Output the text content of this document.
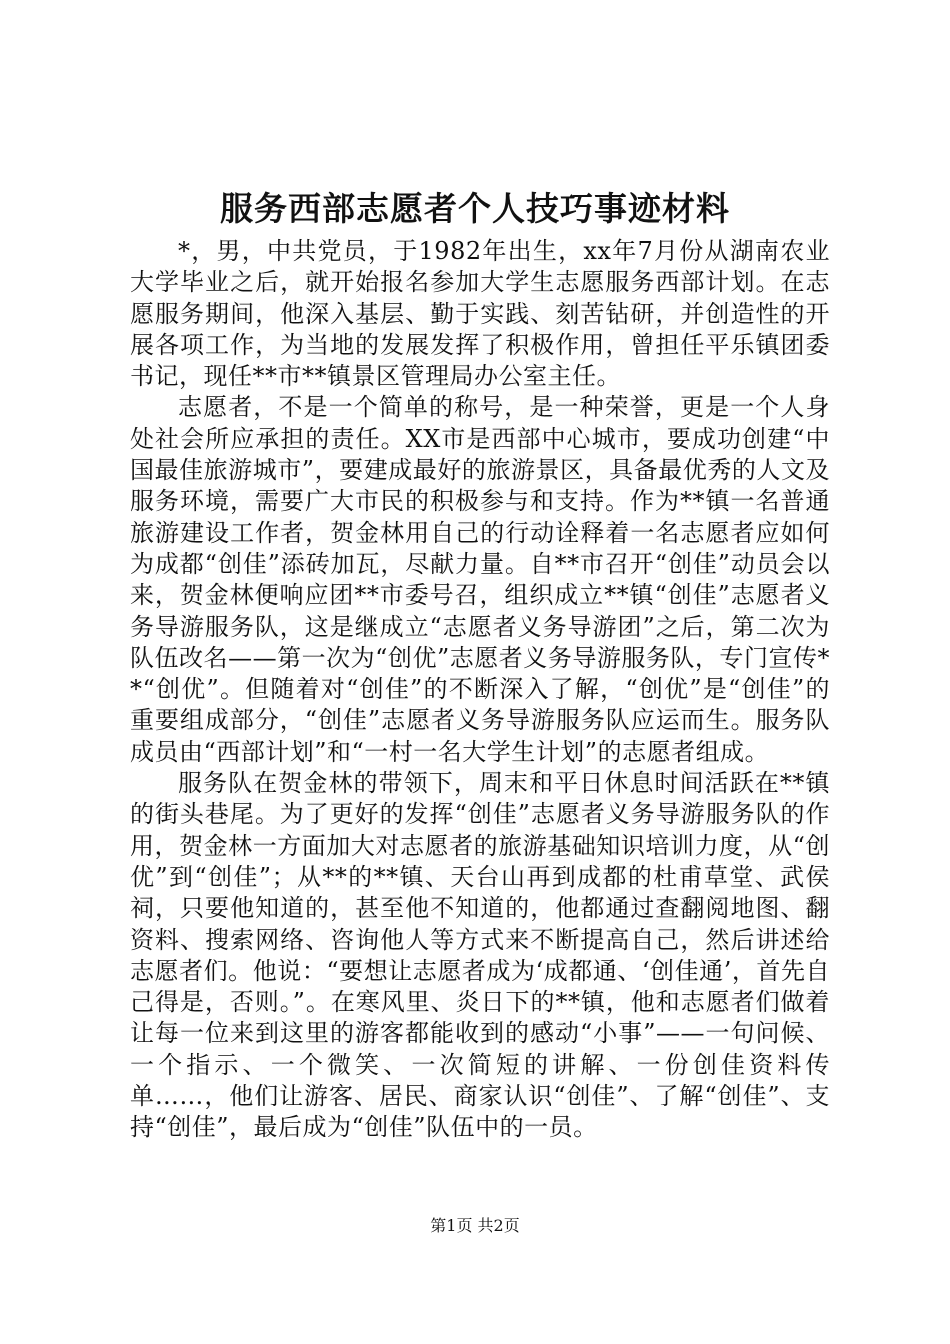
服务西部志愿者个人技巧事迹材料

*，男，中共党员，于1982年出生，xx年7月份从湖南农业大学毕业之后，就开始报名参加大学生志愿服务西部计划。在志愿服务期间，他深入基层、勤于实践、刻苦钻研，并创造性的开展各项工作，为当地的发展发挥了积极作用，曾担任平乐镇团委书记，现任**市**镇景区管理局办公室主任。

志愿者，不是一个简单的称号，是一种荣誉，更是一个人身处社会所应承担的责任。XX市是西部中心城市，要成功创建“中国最佳旅游城市”，要建成最好的旅游景区，具备最优秀的人文及服务环境，需要广大市民的积极参与和支持。作为**镇一名普通旅游建设工作者，贺金林用自己的行动诠释着一名志愿者应如何为成都“创佳”添砖加瓦，尽献力量。自**市召开“创佳”动员会以来，贺金林便响应团**市委号召，组织成立**镇“创佳”志愿者义务导游服务队，这是继成立“志愿者义务导游团”之后，第二次为队伍改名——第一次为“创优”志愿者义务导游服务队，专门宣传**“创优”。但随着对“创佳”的不断深入了解，“创优”是“创佳”的重要组成部分，“创佳”志愿者义务导游服务队应运而生。服务队成员由“西部计划”和“一村一名大学生计划”的志愿者组成。

服务队在贺金林的带领下，周末和平日休息时间活跃在**镇的街头巷尾。为了更好的发挥“创佳”志愿者义务导游服务队的作用，贺金林一方面加大对志愿者的旅游基础知识培训力度，从“创优”到“创佳”；从**的**镇、天台山再到成都的杜甫草堂、武侯祠，只要他知道的，甚至他不知道的，他都通过查翻阅地图、翻资料、搜索网络、咨询他人等方式来不断提高自己，然后讲述给志愿者们。他说：“要想让志愿者成为‘成都通、‘创佳通’，首先自己得是，否则。”。在寒风里、炎日下的**镇，他和志愿者们做着让每一位来到这里的游客都能收到的感动“小事”——一句问候、一个指示、一个微笑、一次简短的讲解、一份创佳资料传单……，他们让游客、居民、商家认识“创佳”、了解“创佳”、支持“创佳”，最后成为“创佳”队伍中的一员。

第1页 共2页
